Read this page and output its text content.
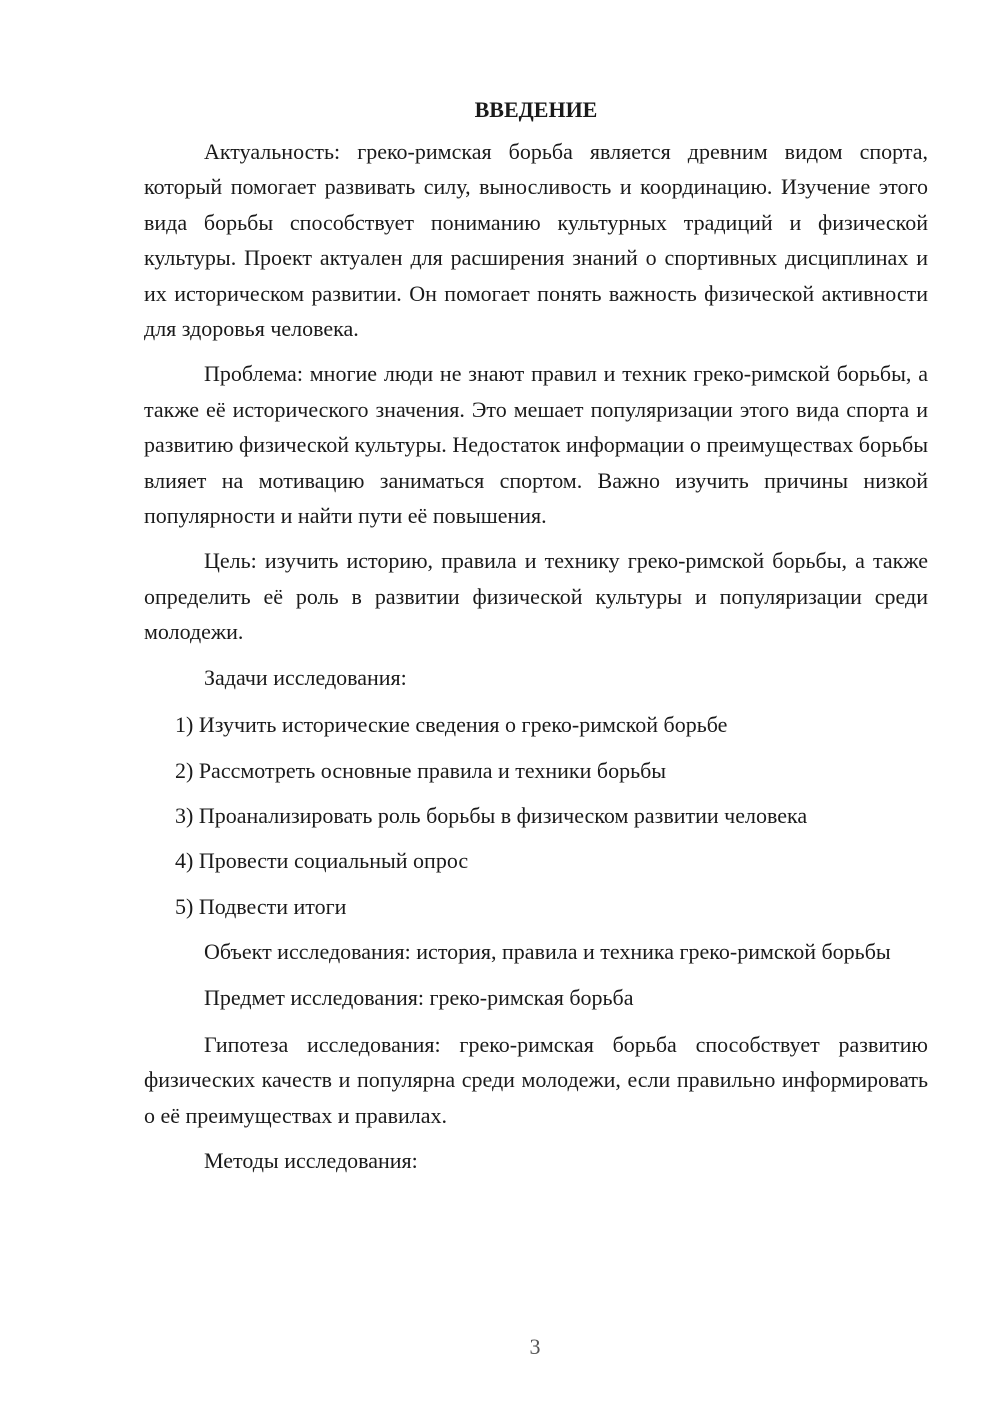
ВВЕДЕНИЕ

Актуальность: греко-римская борьба является древним видом спорта, который помогает развивать силу, выносливость и координацию. Изучение этого вида борьбы способствует пониманию культурных традиций и физической культуры. Проект актуален для расширения знаний о спортивных дисциплинах и их историческом развитии. Он помогает понять важность физической активности для здоровья человека.

Проблема: многие люди не знают правил и техник греко-римской борьбы, а также её исторического значения. Это мешает популяризации этого вида спорта и развитию физической культуры. Недостаток информации о преимуществах борьбы влияет на мотивацию заниматься спортом. Важно изучить причины низкой популярности и найти пути её повышения.

Цель: изучить историю, правила и технику греко-римской борьбы, а также определить её роль в развитии физической культуры и популяризации среди молодежи.

Задачи исследования:

1) Изучить исторические сведения о греко-римской борьбе
2) Рассмотреть основные правила и техники борьбы
3) Проанализировать роль борьбы в физическом развитии человека
4) Провести социальный опрос
5) Подвести итоги

Объект исследования: история, правила и техника греко-римской борьбы

Предмет исследования: греко-римская борьба

Гипотеза исследования: греко-римская борьба способствует развитию физических качеств и популярна среди молодежи, если правильно информировать о её преимуществах и правилах.

Методы исследования:

3
